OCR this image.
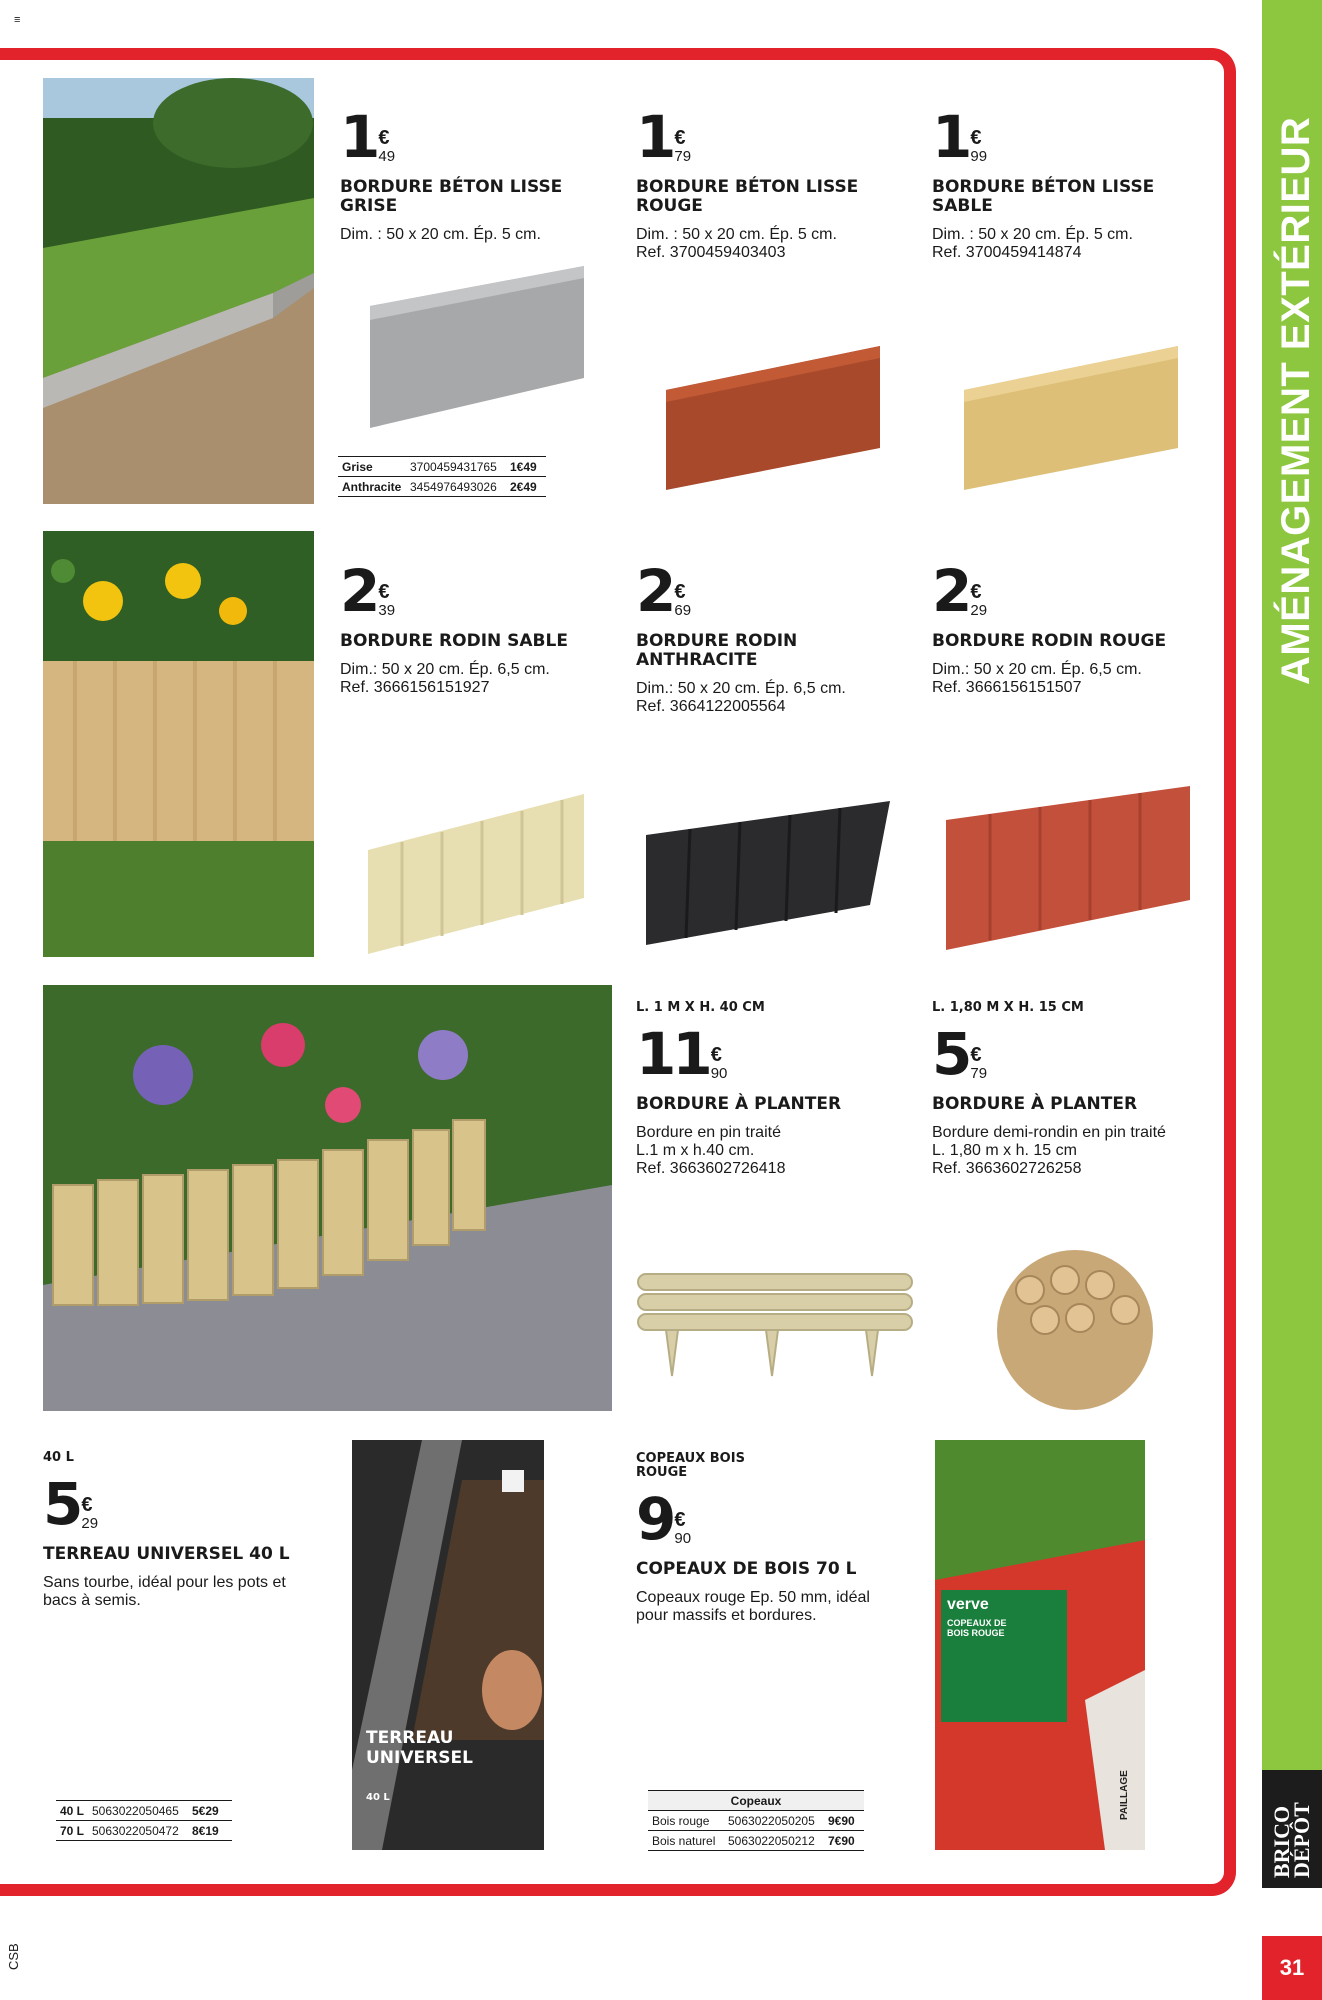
≡
CSB
AMÉNAGEMENT EXTÉRIEUR
BRICO
DÉPÔT
31
TERREAU
UNIVERSEL
40 L
verve
COPEAUX DE
BOIS ROUGE
PAILLAGE
1 €
49
BORDURE BÉTON LISSE GRISE
Dim. : 50 x 20 cm. Ép. 5 cm.
1 €
79
BORDURE BÉTON LISSE ROUGE
Dim. : 50 x 20 cm. Ép. 5 cm.
Ref. 3700459403403
1 €
99
BORDURE BÉTON LISSE SABLE
Dim. : 50 x 20 cm. Ép. 5 cm.
Ref. 3700459414874
Grise	3700459431765	1€49
Anthracite 3454976493026	2€49
2 €
39
BORDURE RODIN SABLE
Dim.: 50 x 20 cm. Ép. 6,5 cm.
Ref. 3666156151927
2 €
69
BORDURE RODIN ANTHRACITE
Dim.: 50 x 20 cm. Ép. 6,5 cm.
Ref. 3664122005564
2 €
29
BORDURE RODIN ROUGE
Dim.: 50 x 20 cm. Ép. 6,5 cm.
Ref. 3666156151507
L. 1 M X H. 40 CM
11 €
90
BORDURE À PLANTER
Bordure en pin traité
L.1 m x h.40 cm.
Ref. 3663602726418
L. 1,80 M X H. 15 CM
5 €
79
BORDURE À PLANTER
Bordure demi-rondin en pin traité
L. 1,80 m x h. 15 cm
Ref. 3663602726258
40 L
5 €
29
TERREAU UNIVERSEL 40 L
Sans tourbe, idéal pour les pots et
bacs à semis.
40 L 5063022050465	5€29
70 L 5063022050472	8€19
COPEAUX BOIS ROUGE
9 €
90
COPEAUX DE BOIS 70 L
Copeaux rouge Ep. 50 mm, idéal
pour massifs et bordures.
Copeaux
Bois rouge	5063022050205	9€90
Bois naturel	5063022050212	7€90
